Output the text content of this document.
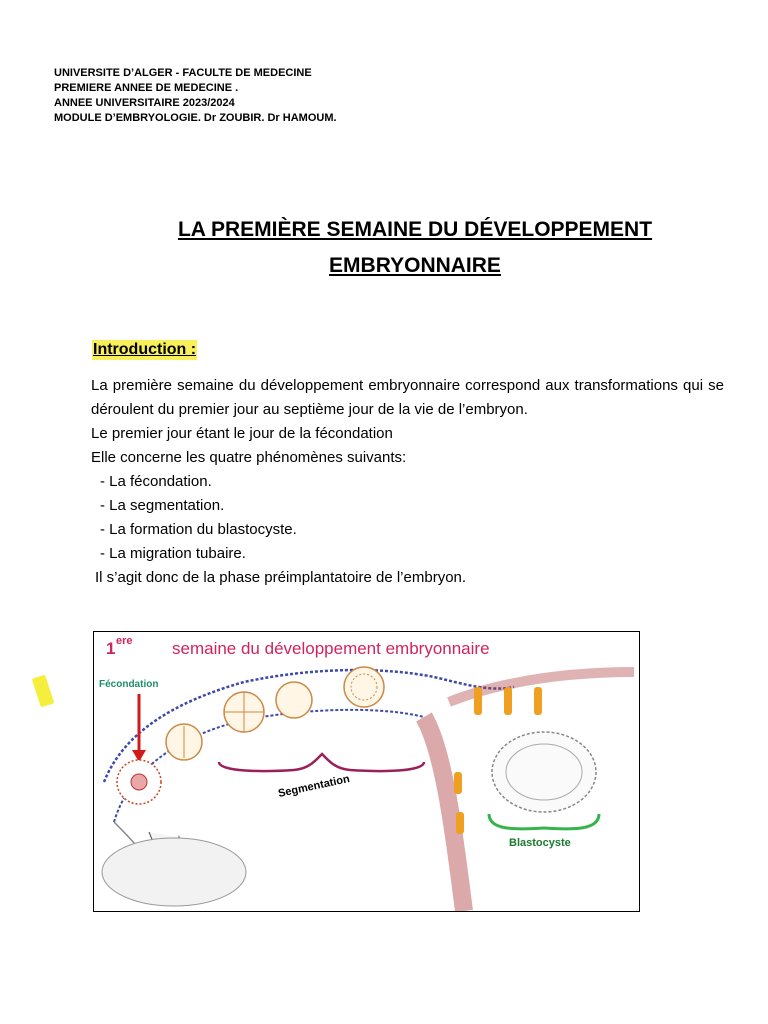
UNIVERSITE D’ALGER - FACULTE DE MEDECINE
PREMIERE ANNEE DE MEDECINE .
ANNEE UNIVERSITAIRE 2023/2024
MODULE D’EMBRYOLOGIE. Dr ZOUBIR. Dr HAMOUM.
LA PREMIÈRE SEMAINE DU DÉVELOPPEMENT
EMBRYONNAIRE
Introduction :
La première semaine du développement embryonnaire correspond aux transformations qui se déroulent du premier jour au septième jour de la vie de l’embryon.
Le premier jour étant le jour de la fécondation
Elle concerne les quatre phénomènes suivants:
- La fécondation.
- La segmentation.
- La formation du blastocyste.
- La migration tubaire.
Il s’agit donc de la phase préimplantatoire de l’embryon.
1 ere semaine du développement embryonnaire
Fécondation
Segmentation
Blastocyste
